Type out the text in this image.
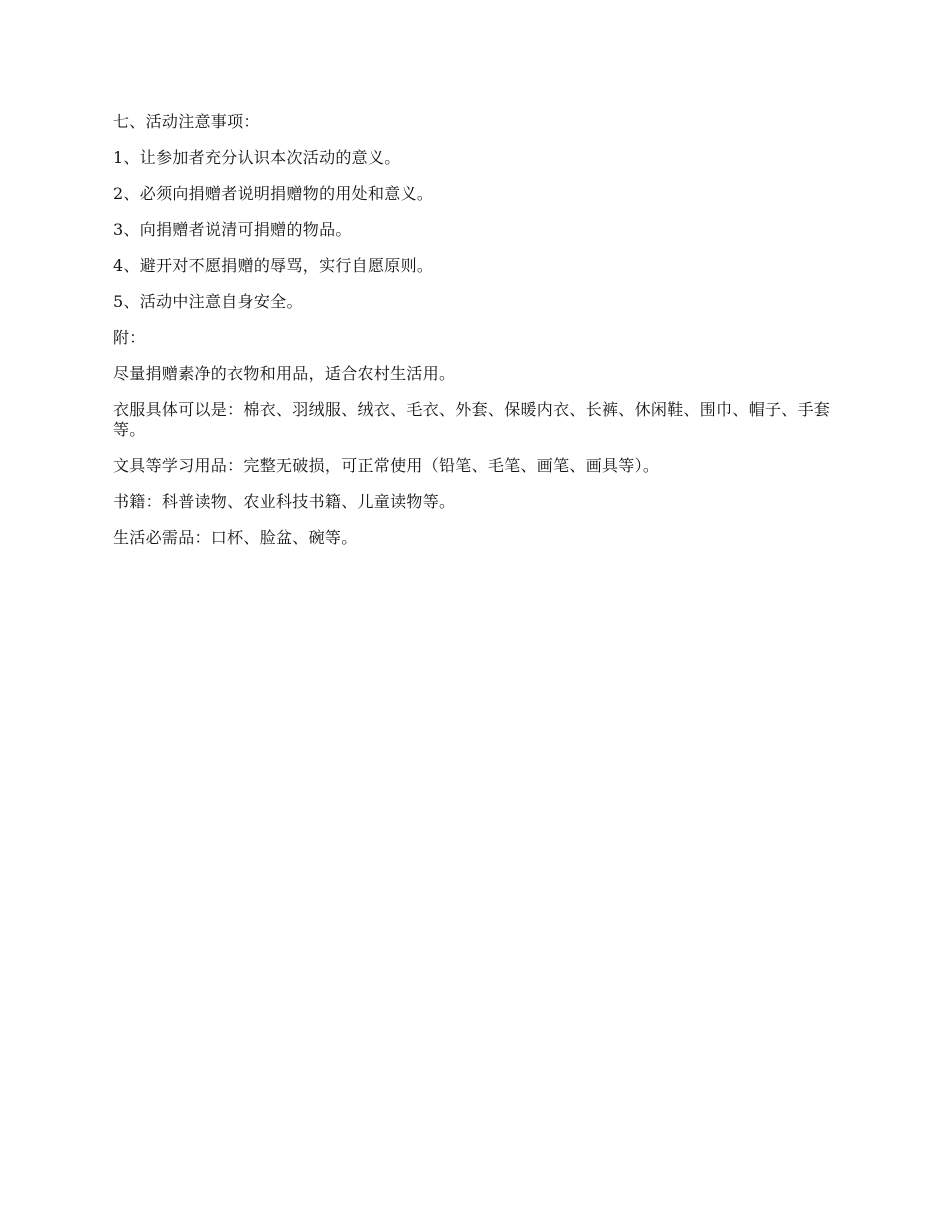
七、活动注意事项：

1、让参加者充分认识本次活动的意义。

2、必须向捐赠者说明捐赠物的用处和意义。

3、向捐赠者说清可捐赠的物品。

4、避开对不愿捐赠的辱骂，实行自愿原则。

5、活动中注意自身安全。

附：

尽量捐赠素净的衣物和用品，适合农村生活用。

衣服具体可以是：棉衣、羽绒服、绒衣、毛衣、外套、保暖内衣、长裤、休闲鞋、围巾、帽子、手套等。

文具等学习用品：完整无破损，可正常使用（铅笔、毛笔、画笔、画具等）。

书籍：科普读物、农业科技书籍、儿童读物等。

生活必需品：口杯、脸盆、碗等。
